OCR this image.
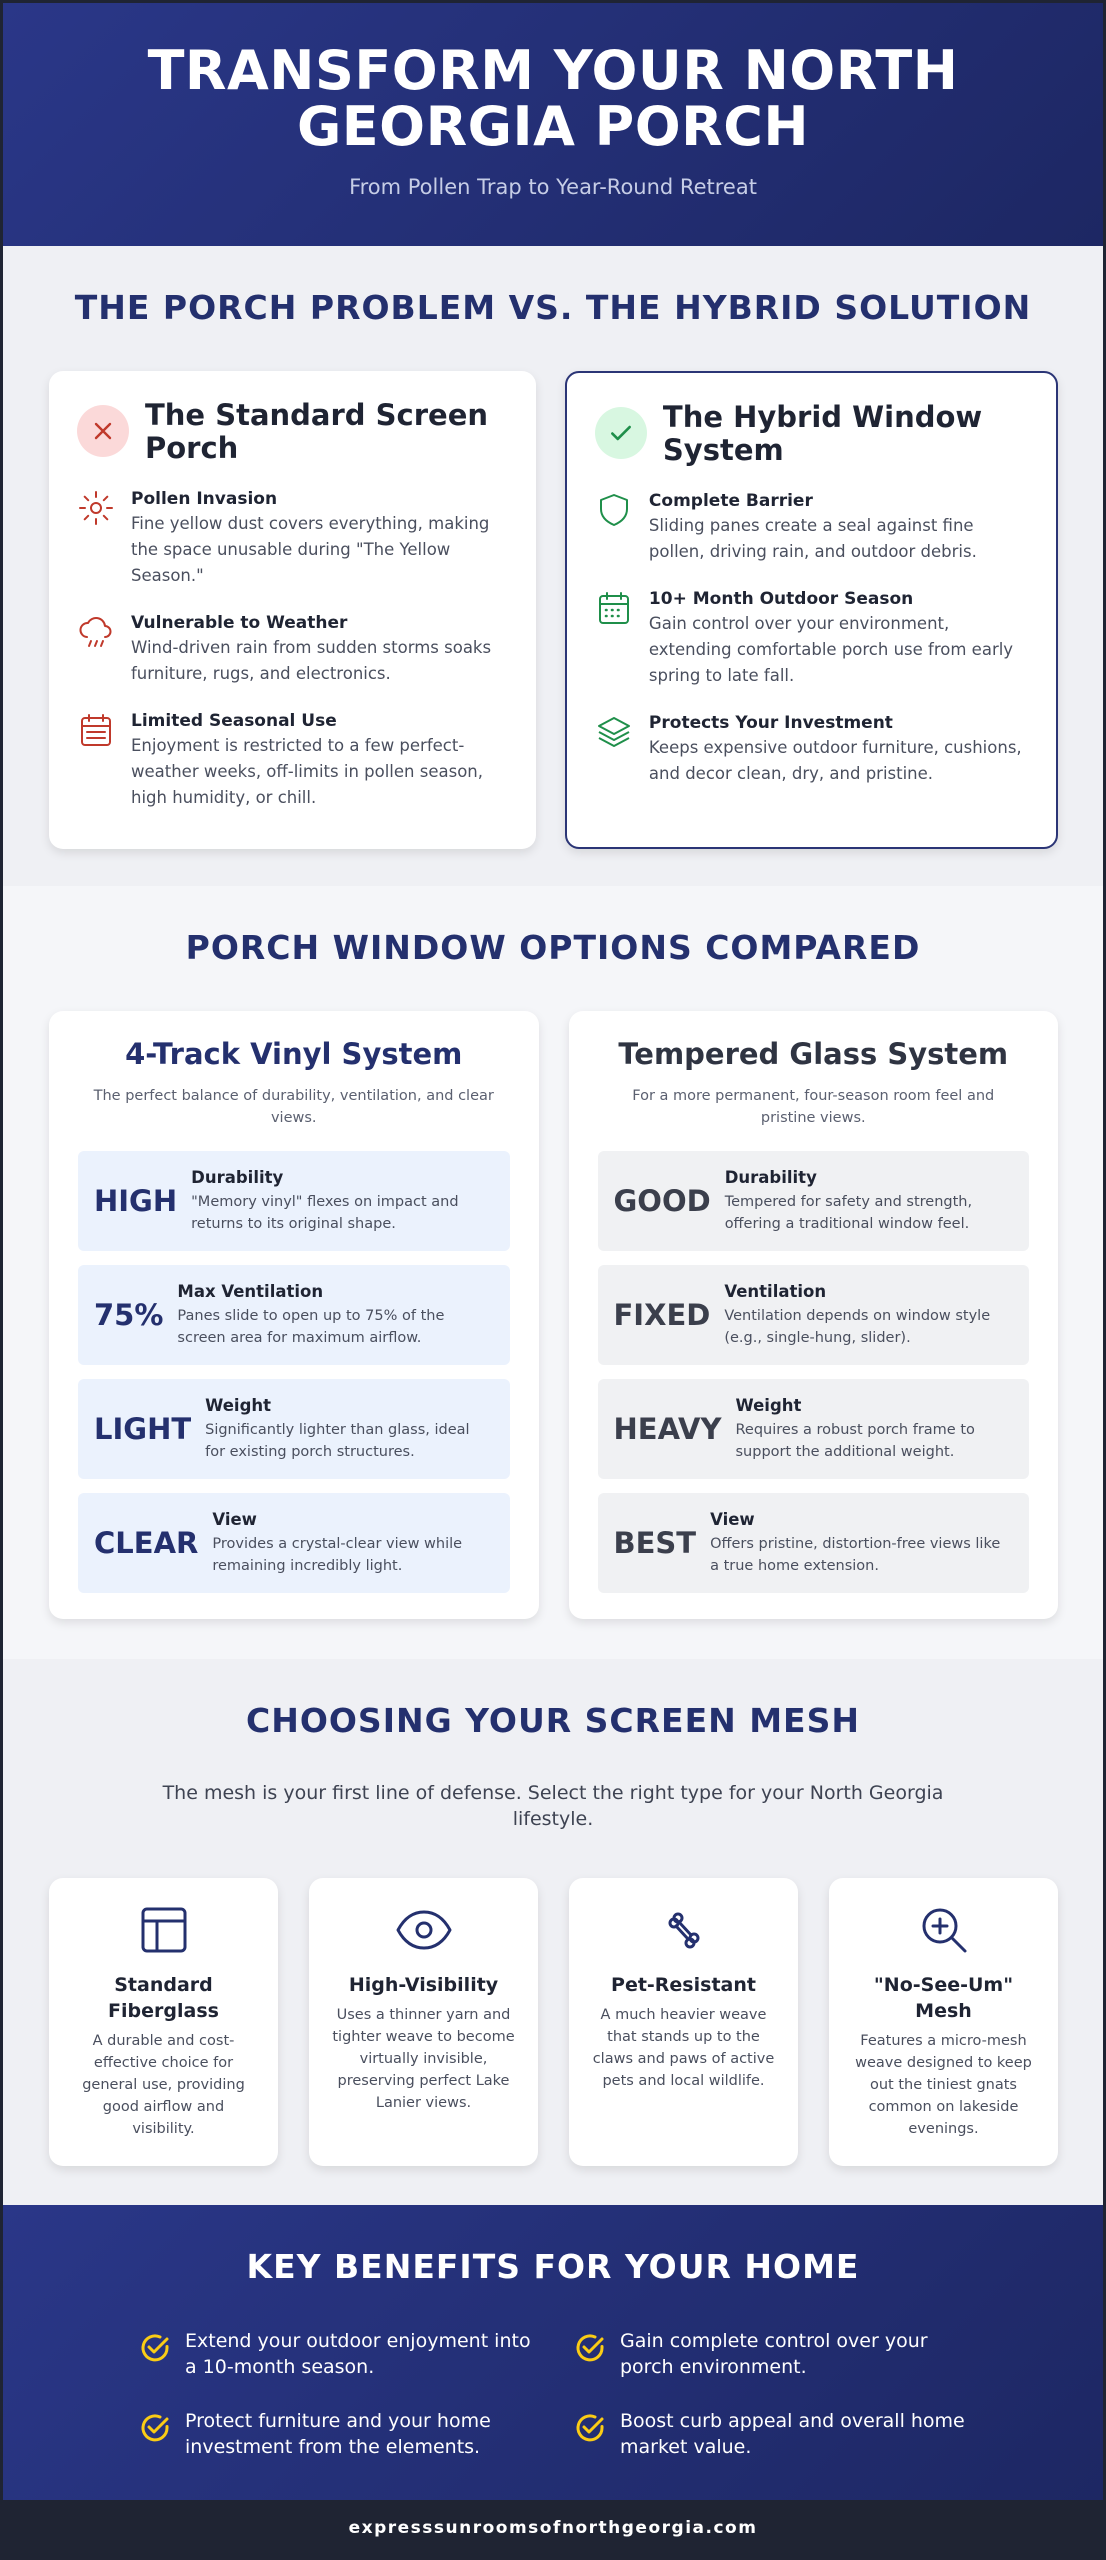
TRANSFORM YOUR NORTH GEORGIA PORCH
From Pollen Trap to Year-Round Retreat
THE PORCH PROBLEM VS. THE HYBRID SOLUTION
The Standard Screen Porch
Pollen Invasion
Fine yellow dust covers everything, making the space unusable during "The Yellow Season."
Vulnerable to Weather
Wind-driven rain from sudden storms soaks furniture, rugs, and electronics.
Limited Seasonal Use
Enjoyment is restricted to a few perfect-weather weeks, off-limits in pollen season, high humidity, or chill.
The Hybrid Window System
Complete Barrier
Sliding panes create a seal against fine pollen, driving rain, and outdoor debris.
10+ Month Outdoor Season
Gain control over your environment, extending comfortable porch use from early spring to late fall.
Protects Your Investment
Keeps expensive outdoor furniture, cushions, and decor clean, dry, and pristine.
PORCH WINDOW OPTIONS COMPARED
4-Track Vinyl System
The perfect balance of durability, ventilation, and clear views.
HIGH
Durability
"Memory vinyl" flexes on impact and returns to its original shape.
75%
Max Ventilation
Panes slide to open up to 75% of the screen area for maximum airflow.
LIGHT
Weight
Significantly lighter than glass, ideal for existing porch structures.
CLEAR
View
Provides a crystal-clear view while remaining incredibly light.
Tempered Glass System
For a more permanent, four-season room feel and pristine views.
GOOD
Durability
Tempered for safety and strength, offering a traditional window feel.
FIXED
Ventilation
Ventilation depends on window style (e.g., single-hung, slider).
HEAVY
Weight
Requires a robust porch frame to support the additional weight.
BEST
View
Offers pristine, distortion-free views like a true home extension.
CHOOSING YOUR SCREEN MESH
The mesh is your first line of defense. Select the right type for your North Georgia lifestyle.
Standard Fiberglass

A durable and cost-effective choice for general use, providing good airflow and visibility.

High-Visibility

Uses a thinner yarn and tighter weave to become virtually invisible, preserving perfect Lake Lanier views.

Pet-Resistant

A much heavier weave that stands up to the claws and paws of active pets and local wildlife.

"No-See-Um" Mesh

Features a micro-mesh weave designed to keep out the tiniest gnats common on lakeside evenings.

KEY BENEFITS FOR YOUR HOME
Extend your outdoor enjoyment into a 10-month season.
Gain complete control over your porch environment.
Protect furniture and your home investment from the elements.
Boost curb appeal and overall home market value.
expresssunroomsofnorthgeorgia.com
